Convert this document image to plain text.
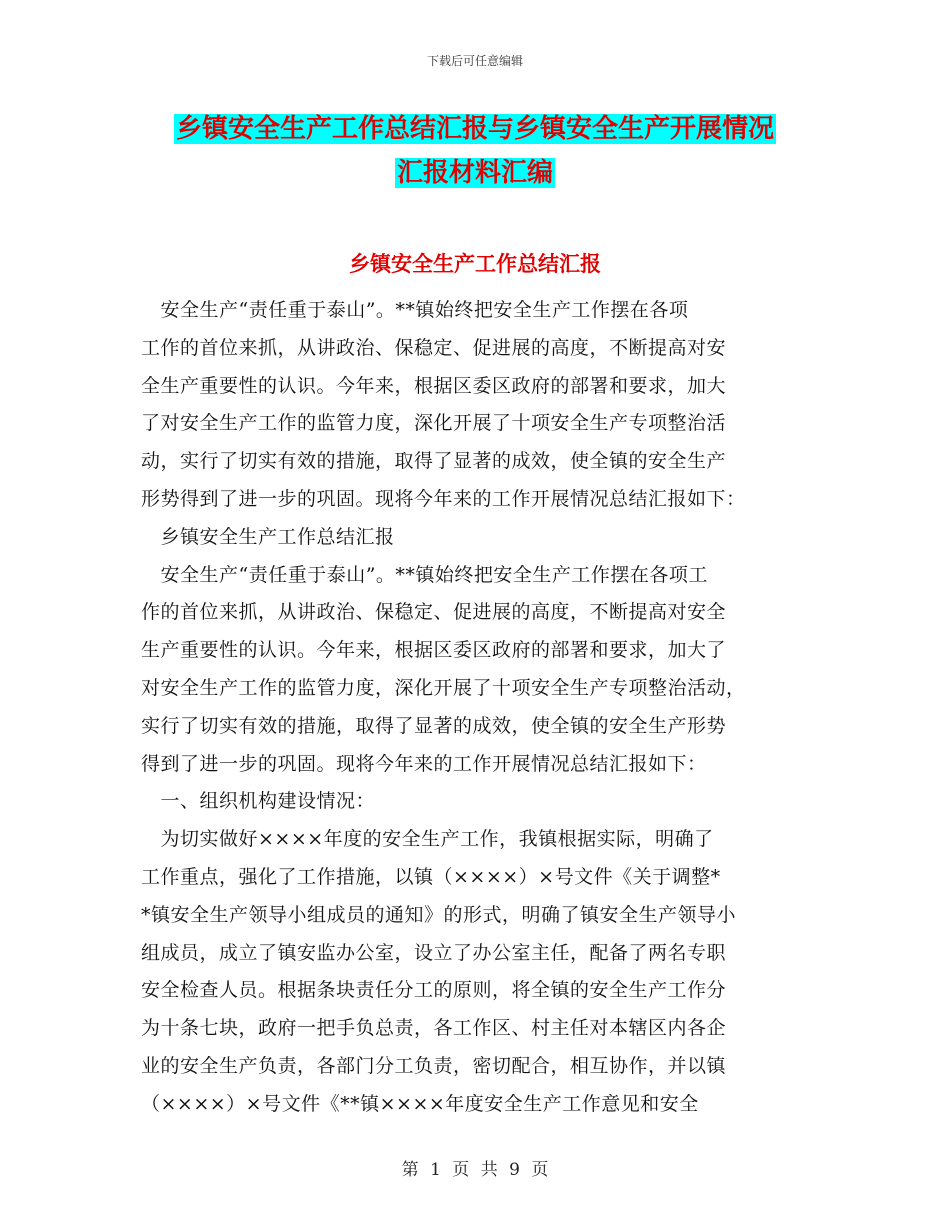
下载后可任意编辑
乡镇安全生产工作总结汇报与乡镇安全生产开展情况
汇报材料汇编
乡镇安全生产工作总结汇报
　安全生产“责任重于泰山”。**镇始终把安全生产工作摆在各项
工作的首位来抓，从讲政治、保稳定、促进展的高度，不断提高对安
全生产重要性的认识。今年来，根据区委区政府的部署和要求，加大
了对安全生产工作的监管力度，深化开展了十项安全生产专项整治活
动，实行了切实有效的措施，取得了显著的成效，使全镇的安全生产
形势得到了进一步的巩固。现将今年来的工作开展情况总结汇报如下：
　乡镇安全生产工作总结汇报
　安全生产“责任重于泰山”。**镇始终把安全生产工作摆在各项工
作的首位来抓，从讲政治、保稳定、促进展的高度，不断提高对安全
生产重要性的认识。今年来，根据区委区政府的部署和要求，加大了
对安全生产工作的监管力度，深化开展了十项安全生产专项整治活动，
实行了切实有效的措施，取得了显著的成效，使全镇的安全生产形势
得到了进一步的巩固。现将今年来的工作开展情况总结汇报如下：
　一、组织机构建设情况：
　为切实做好××××年度的安全生产工作，我镇根据实际，明确了
工作重点，强化了工作措施，以镇（××××）×号文件《关于调整*
*镇安全生产领导小组成员的通知》的形式，明确了镇安全生产领导小
组成员，成立了镇安监办公室，设立了办公室主任，配备了两名专职
安全检查人员。根据条块责任分工的原则，将全镇的安全生产工作分
为十条七块，政府一把手负总责，各工作区、村主任对本辖区内各企
业的安全生产负责，各部门分工负责，密切配合，相互协作，并以镇
（××××）×号文件《**镇××××年度安全生产工作意见和安全
第 1 页 共 9 页
